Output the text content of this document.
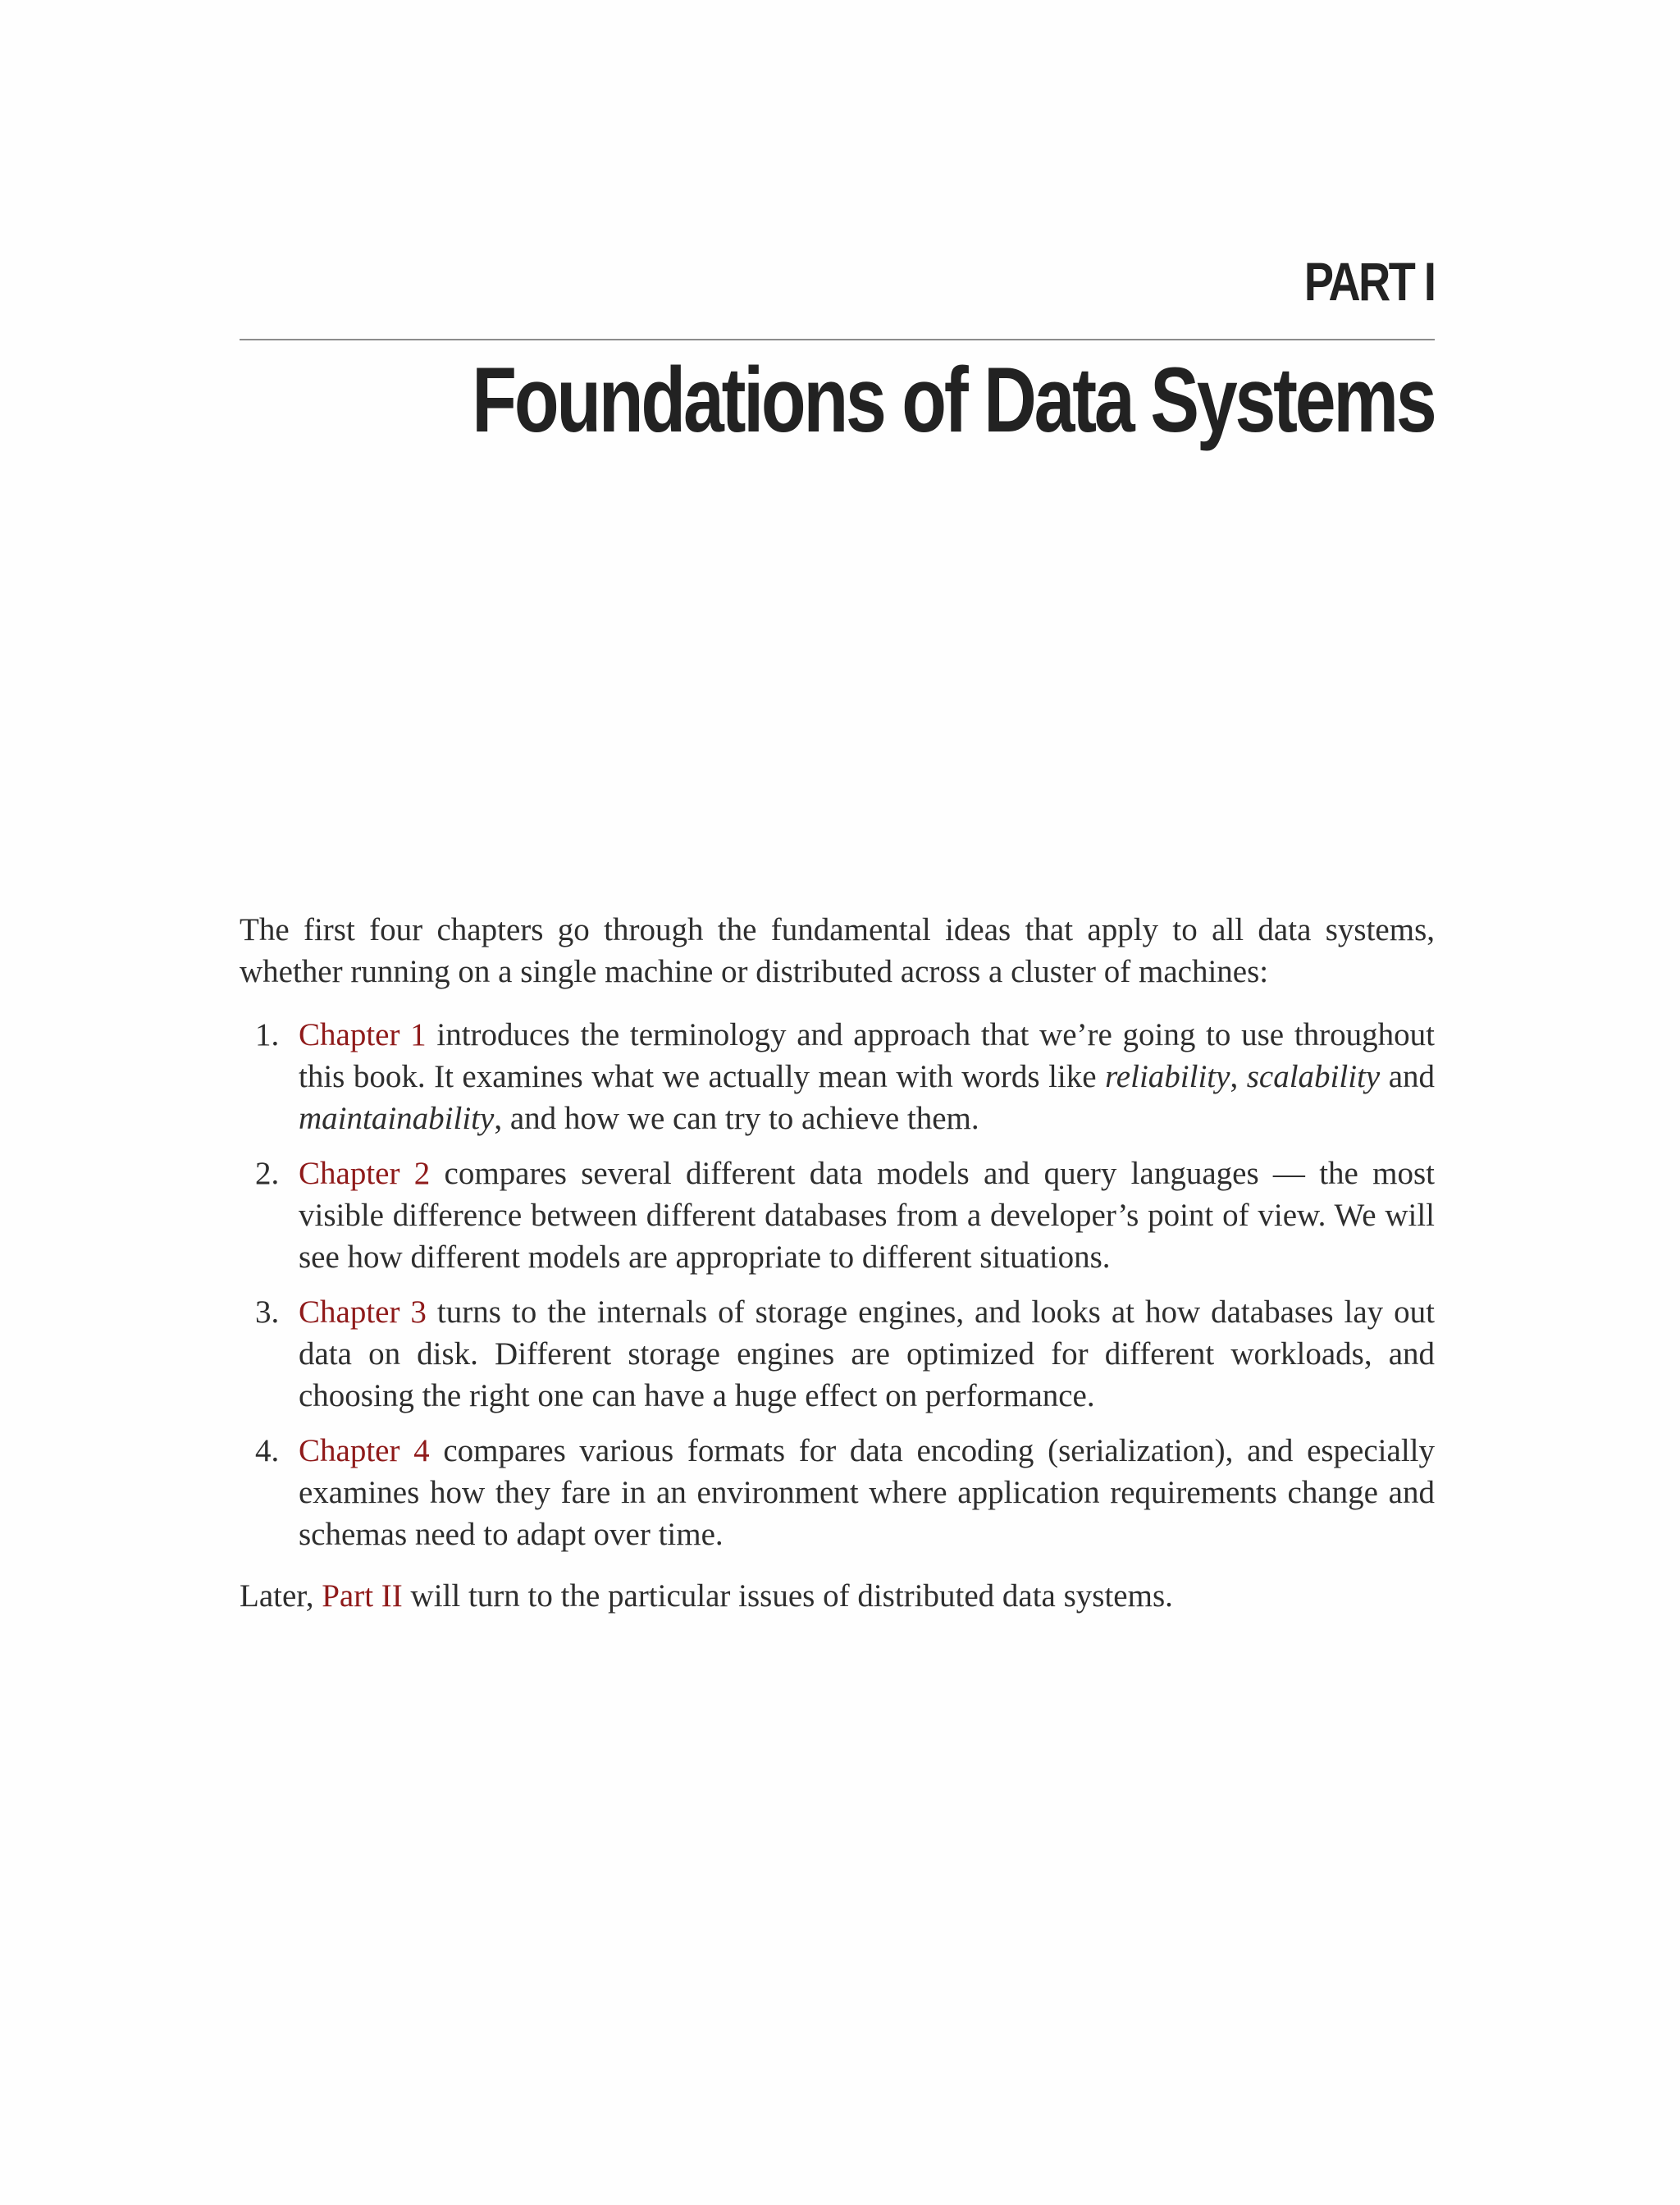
PART I
Foundations of Data Systems

The first four chapters go through the fundamental ideas that apply to all data systems, whether running on a single machine or distributed across a cluster of machines:

1. Chapter 1 introduces the terminology and approach that we’re going to use throughout this book. It examines what we actually mean with words like reliability, scalability and maintainability, and how we can try to achieve them.
2. Chapter 2 compares several different data models and query languages — the most visible difference between different databases from a developer’s point of view. We will see how different models are appropriate to different situations.
3. Chapter 3 turns to the internals of storage engines, and looks at how databases lay out data on disk. Different storage engines are optimized for different workloads, and choosing the right one can have a huge effect on performance.
4. Chapter 4 compares various formats for data encoding (serialization), and especially examines how they fare in an environment where application requirements change and schemas need to adapt over time.

Later, Part II will turn to the particular issues of distributed data systems.
